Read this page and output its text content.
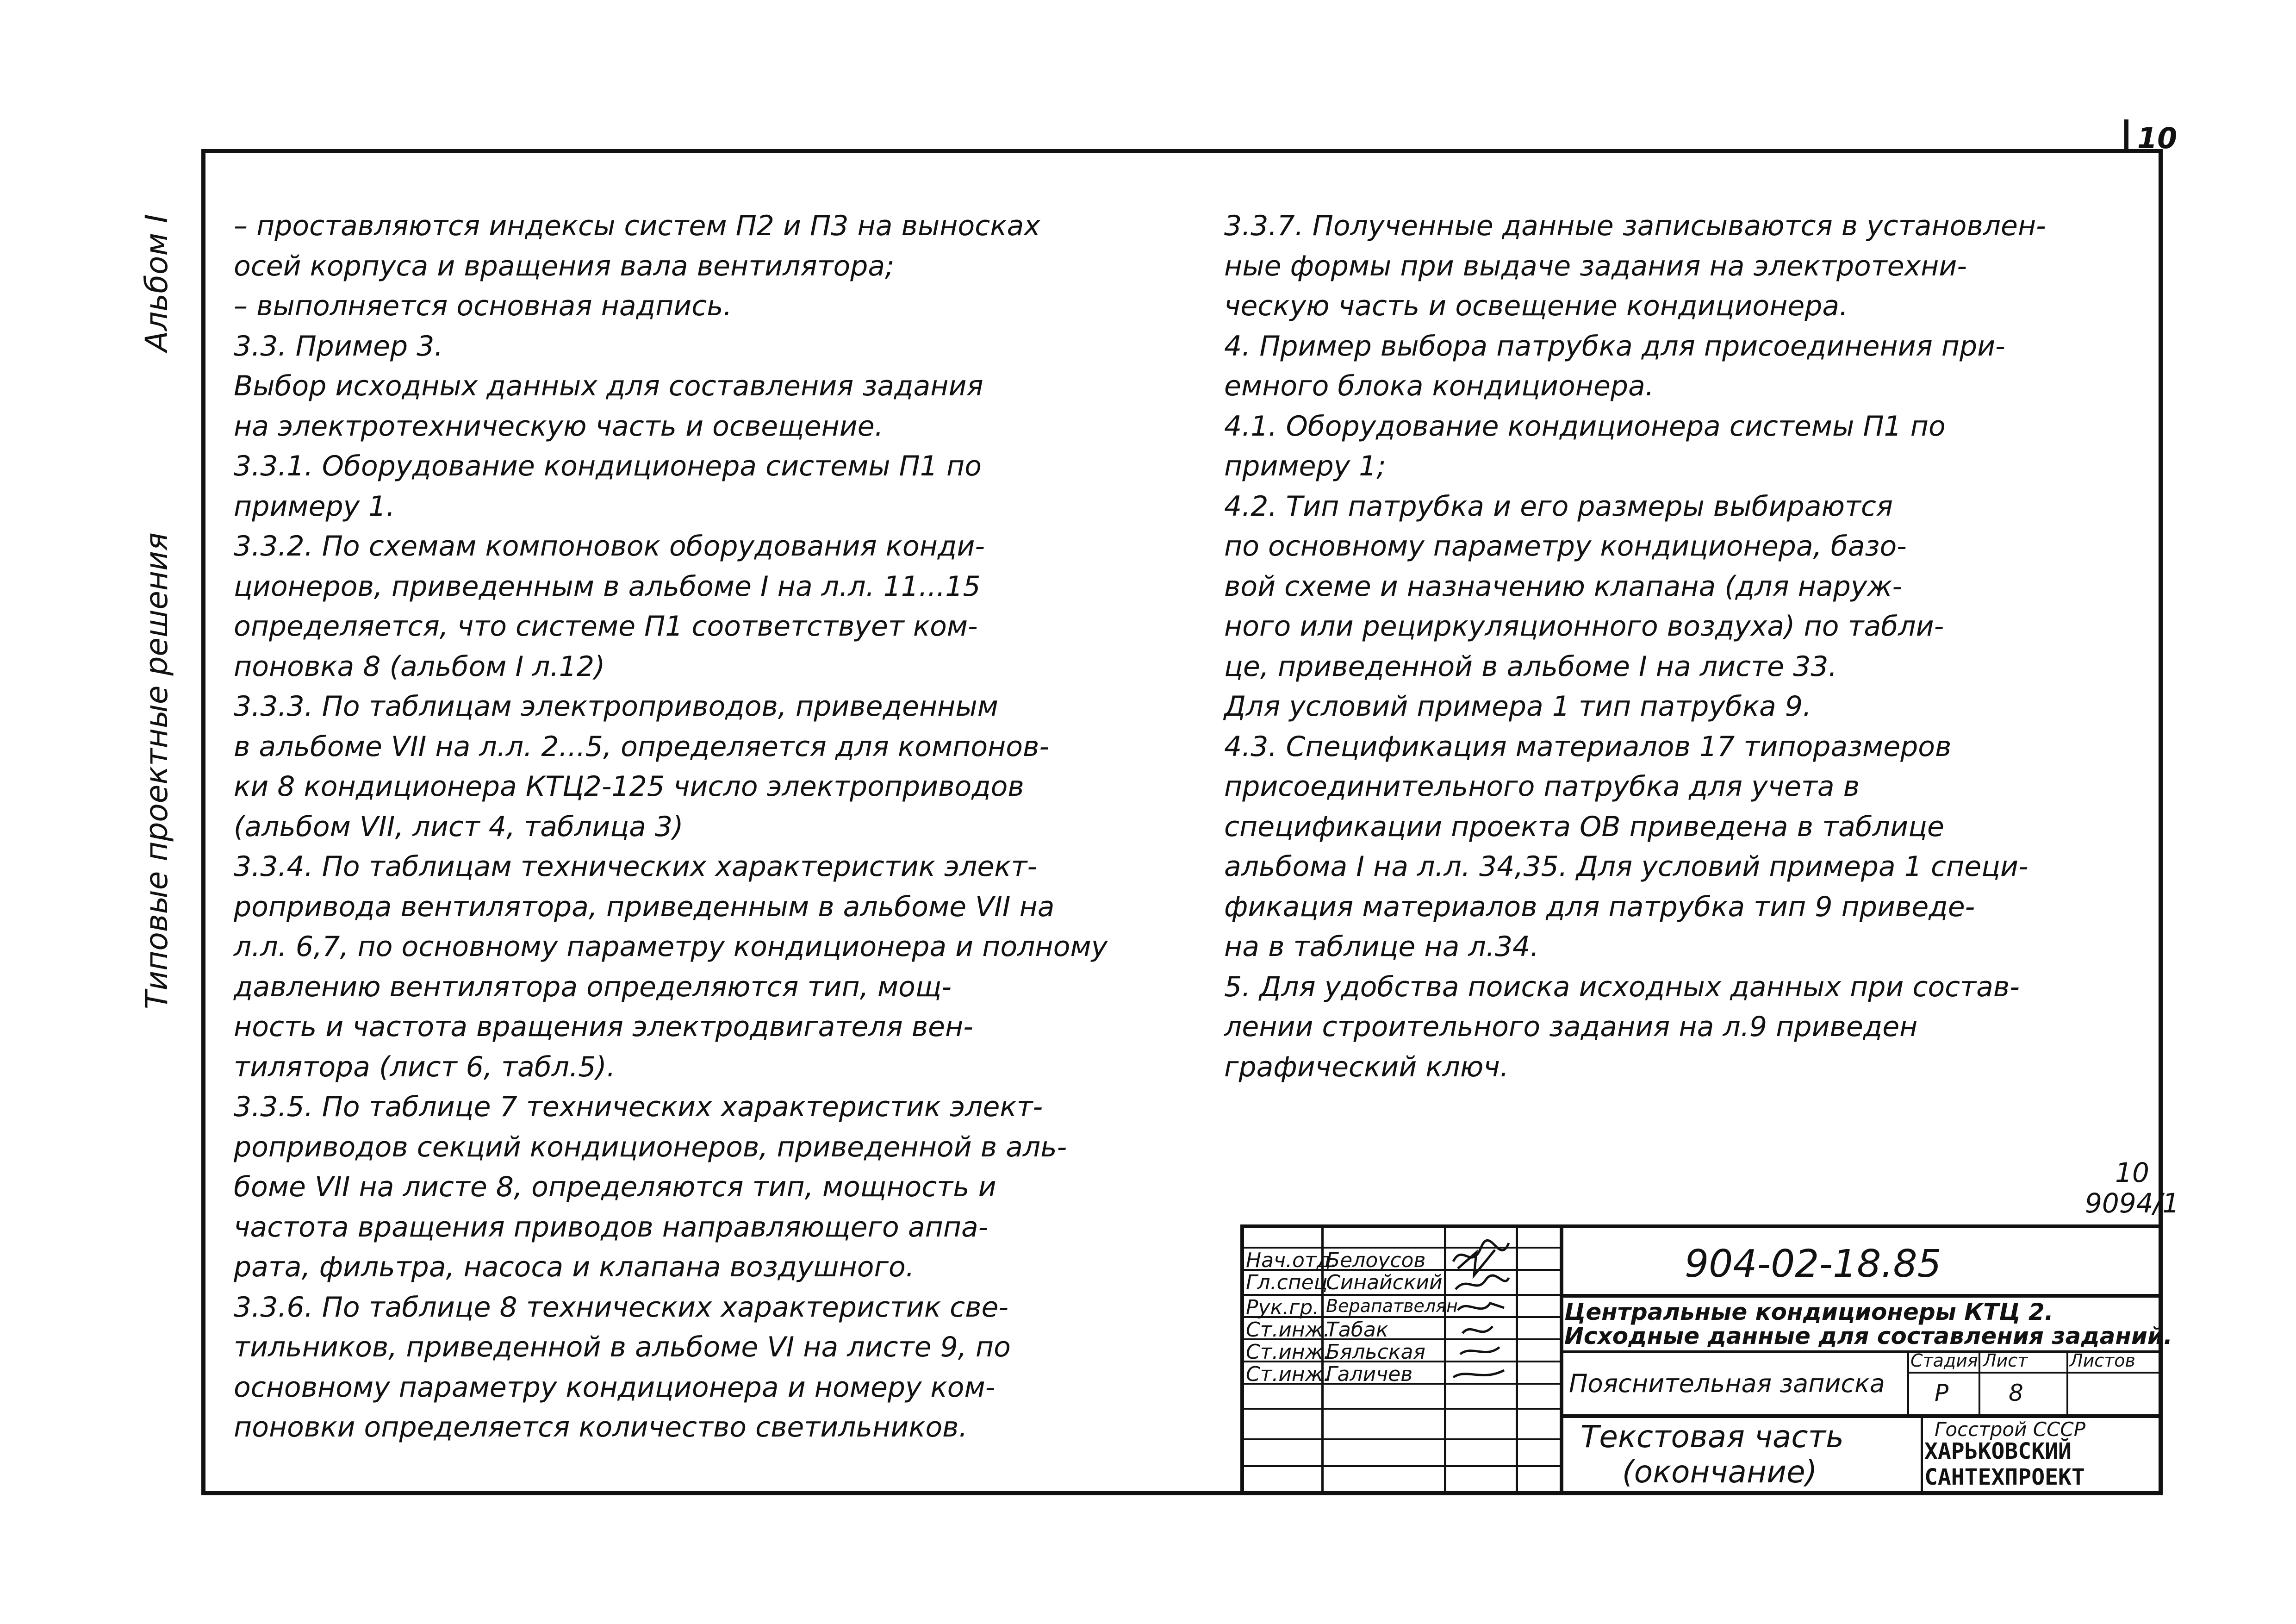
10
Альбом I
Типовые проектные решения
– проставляются индексы систем П2 и П3 на выносках
осей корпуса и вращения вала вентилятора;
– выполняется основная надпись.
3.3. Пример 3.
Выбор исходных данных для составления задания
на электротехническую часть и освещение.
3.3.1. Оборудование кондиционера системы П1 по
примеру 1.
3.3.2. По схемам компоновок оборудования конди-
ционеров, приведенным в альбоме I на л.л. 11...15
определяется, что системе П1 соответствует ком-
поновка 8 (альбом I л.12)
3.3.3. По таблицам электроприводов, приведенным
в альбоме VII на л.л. 2...5, определяется для компонов-
ки 8 кондиционера КТЦ2-125 число электроприводов
(альбом VII, лист 4, таблица 3)
3.3.4. По таблицам технических характеристик элект-
ропривода вентилятора, приведенным в альбоме VII на
л.л. 6,7, по основному параметру кондиционера и полному
давлению вентилятора определяются тип, мощ-
ность и частота вращения электродвигателя вен-
тилятора (лист 6, табл.5).
3.3.5. По таблице 7 технических характеристик элект-
роприводов секций кондиционеров, приведенной в аль-
боме VII на листе 8, определяются тип, мощность и
частота вращения приводов направляющего аппа-
рата, фильтра, насоса и клапана воздушного.
3.3.6. По таблице 8 технических характеристик све-
тильников, приведенной в альбоме VI на листе 9, по
основному параметру кондиционера и номеру ком-
поновки определяется количество светильников.
3.3.7. Полученные данные записываются в установлен-
ные формы при выдаче задания на электротехни-
ческую часть и освещение кондиционера.
4. Пример выбора патрубка для присоединения при-
емного блока кондиционера.
4.1. Оборудование кондиционера системы П1 по
примеру 1;
4.2. Тип патрубка и его размеры выбираются
по основному параметру кондиционера, базо-
вой схеме и назначению клапана (для наруж-
ного или рециркуляционного воздуха) по табли-
це, приведенной в альбоме I на листе 33.
Для условий примера 1 тип патрубка 9.
4.3. Спецификация материалов 17 типоразмеров
присоединительного патрубка для учета в
спецификации проекта ОВ приведена в таблице
альбома I на л.л. 34,35. Для условий примера 1 специ-
фикация материалов для патрубка тип 9 приведе-
на в таблице на л.34.
5. Для удобства поиска исходных данных при состав-
лении строительного задания на л.9 приведен
графический ключ.
10
9094/1
Нач.отд.
Гл.спец.
Рук.гр.
Ст.инж.
Ст.инж.
Ст.инж.
Белоусов
Синайский
Верапатвелян
Табак
Бяльская
Галичев
904-02-18.85
Центральные кондиционеры КТЦ 2.
Исходные данные для составления заданий.
Пояснительная записка
Стадия Лист Листов
Р	8
Текстовая часть
(окончание)
Госстрой СССР
ХАРЬКОВСКИЙ
САНТЕХПРОЕКТ
